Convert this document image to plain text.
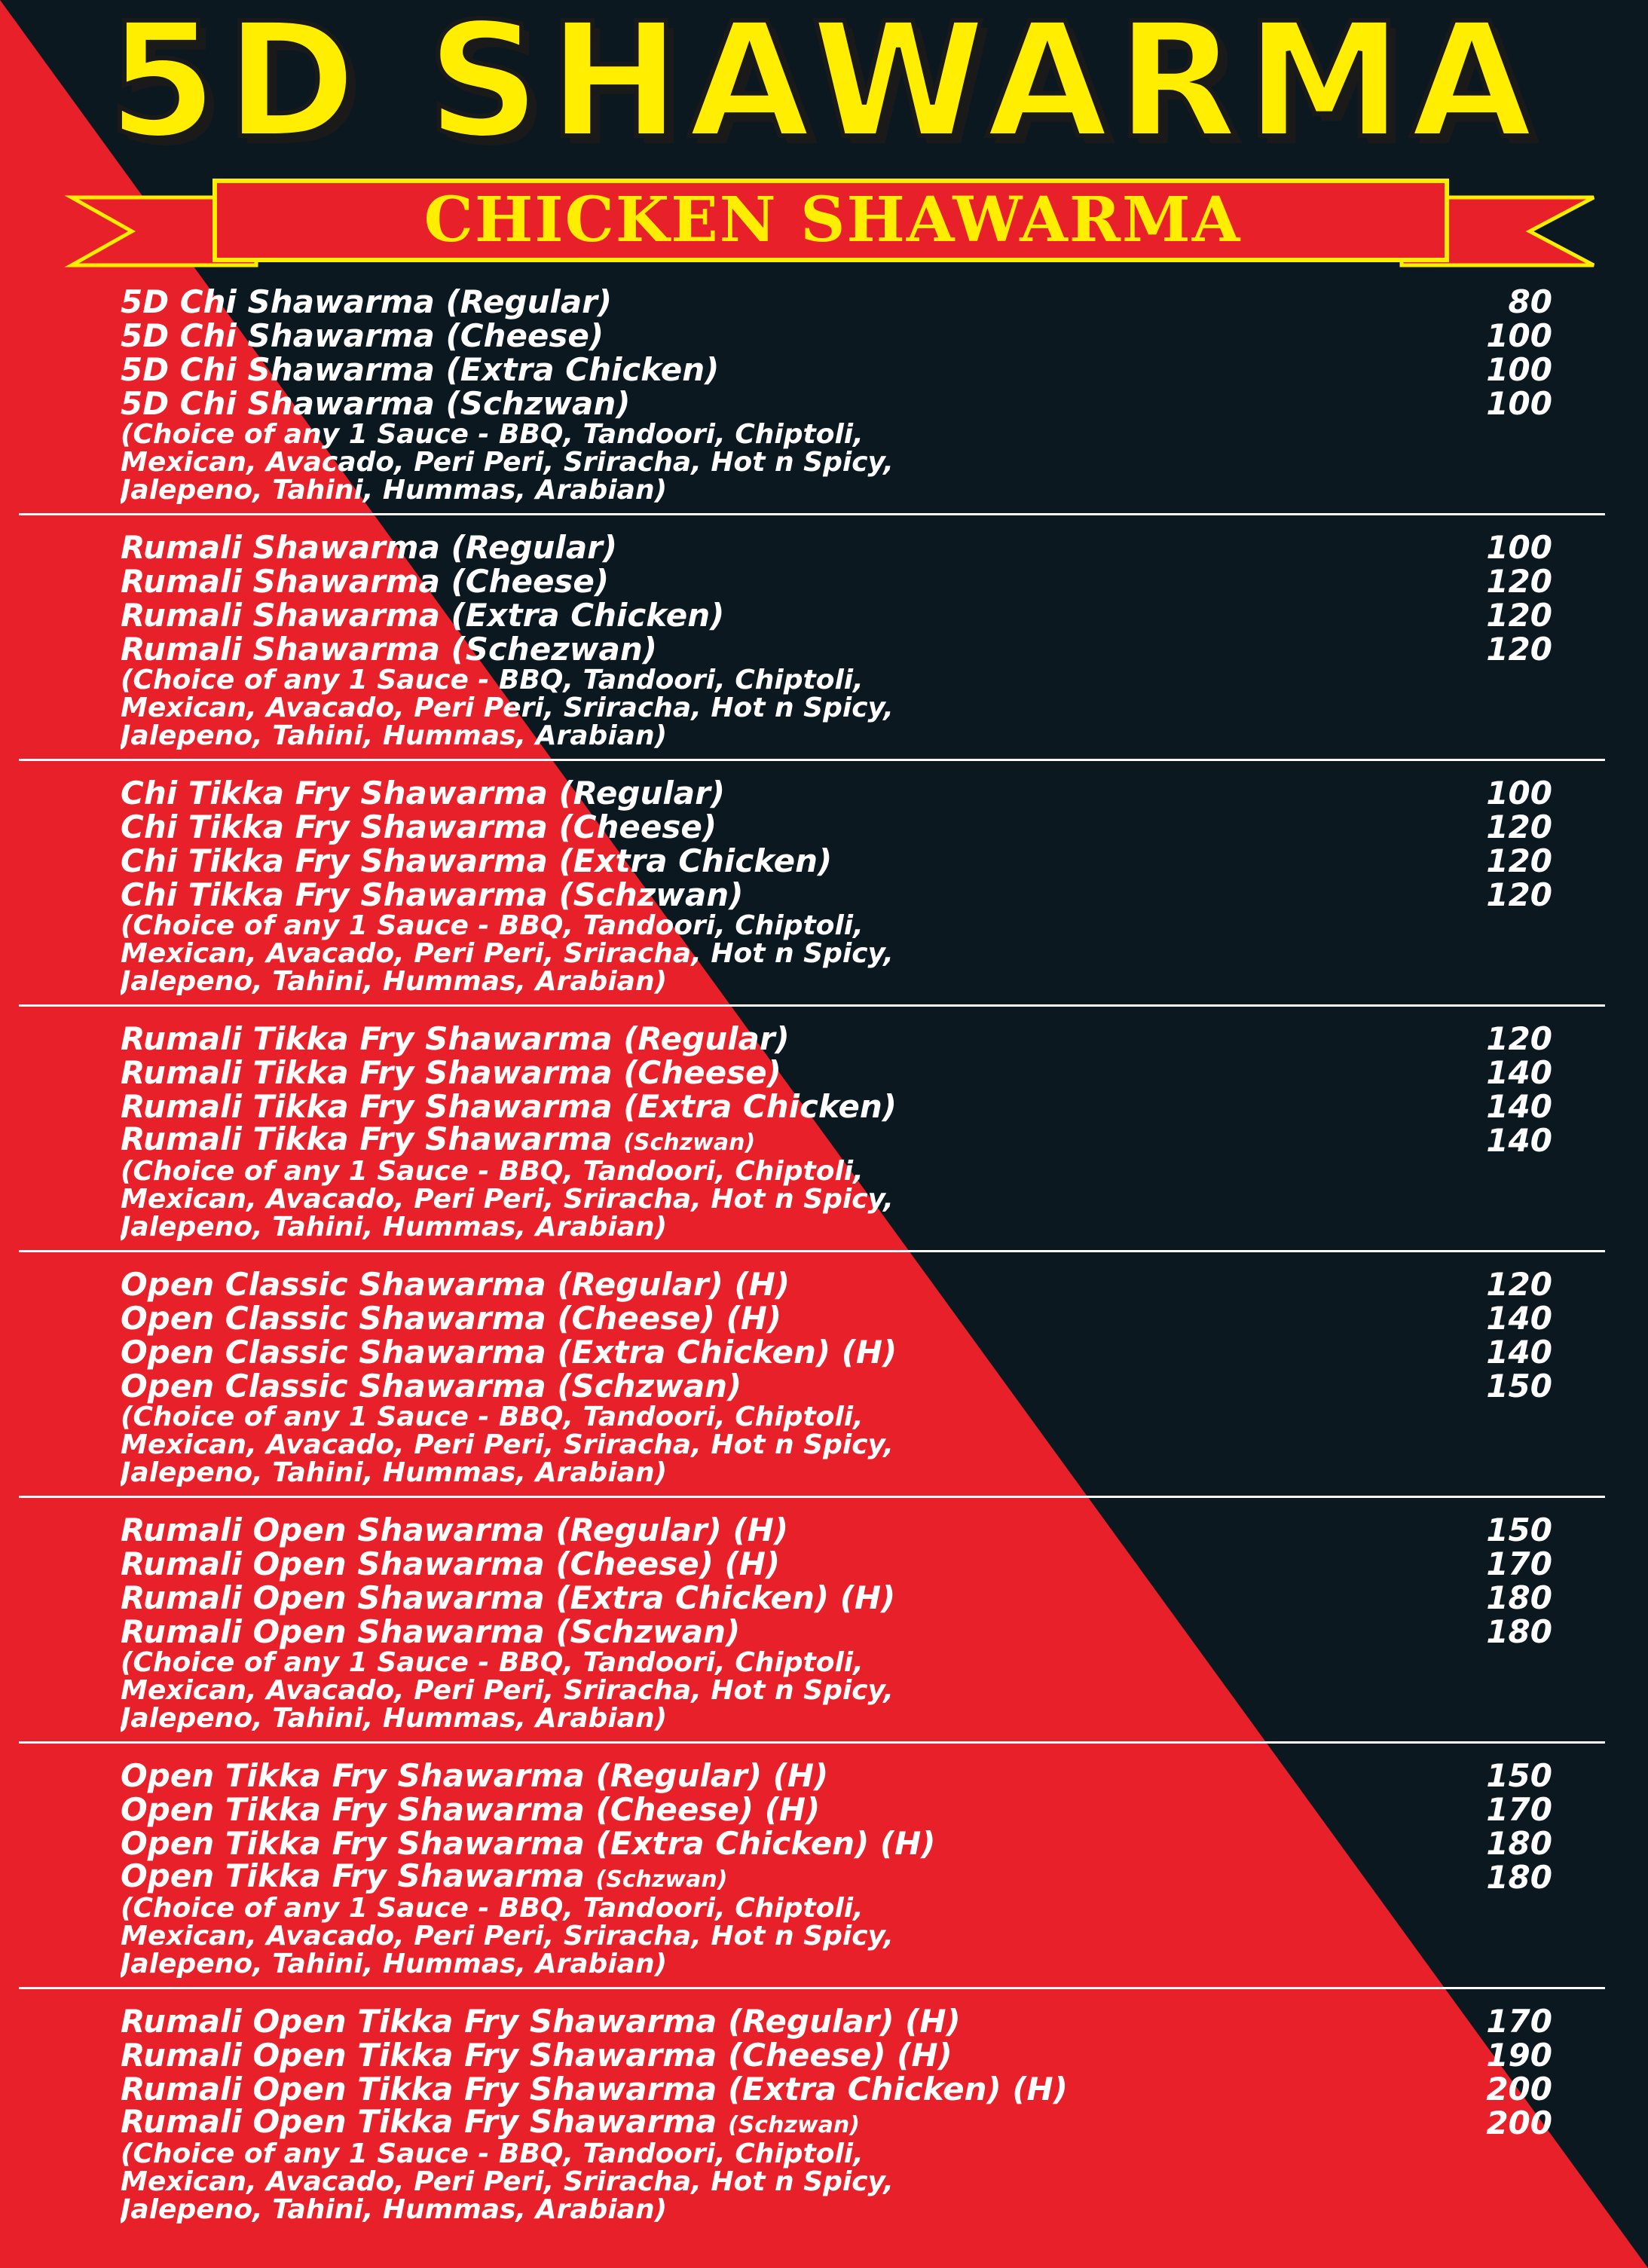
5D SHAWARMA
CHICKEN SHAWARMA
5D Chi Shawarma (Regular)	80
5D Chi Shawarma (Cheese)	100
5D Chi Shawarma (Extra Chicken)	100
5D Chi Shawarma (Schzwan)	100
(Choice of any 1 Sauce - BBQ, Tandoori, Chiptoli,
Mexican, Avacado, Peri Peri, Sriracha, Hot n Spicy,
Jalepeno, Tahini, Hummas, Arabian)
Rumali Shawarma (Regular)	100
Rumali Shawarma (Cheese)	120
Rumali Shawarma (Extra Chicken)	120
Rumali Shawarma (Schezwan)	120
(Choice of any 1 Sauce - BBQ, Tandoori, Chiptoli,
Mexican, Avacado, Peri Peri, Sriracha, Hot n Spicy,
Jalepeno, Tahini, Hummas, Arabian)
Chi Tikka Fry Shawarma (Regular)	100
Chi Tikka Fry Shawarma (Cheese)	120
Chi Tikka Fry Shawarma (Extra Chicken)	120
Chi Tikka Fry Shawarma (Schzwan)	120
(Choice of any 1 Sauce - BBQ, Tandoori, Chiptoli,
Mexican, Avacado, Peri Peri, Sriracha, Hot n Spicy,
Jalepeno, Tahini, Hummas, Arabian)
Rumali Tikka Fry Shawarma (Regular)	120
Rumali Tikka Fry Shawarma (Cheese)	140
Rumali Tikka Fry Shawarma (Extra Chicken)	140
Rumali Tikka Fry Shawarma (Schzwan)	140
(Choice of any 1 Sauce - BBQ, Tandoori, Chiptoli,
Mexican, Avacado, Peri Peri, Sriracha, Hot n Spicy,
Jalepeno, Tahini, Hummas, Arabian)
Open Classic Shawarma (Regular) (H)	120
Open Classic Shawarma (Cheese) (H)	140
Open Classic Shawarma (Extra Chicken) (H)	140
Open Classic Shawarma (Schzwan)	150
(Choice of any 1 Sauce - BBQ, Tandoori, Chiptoli,
Mexican, Avacado, Peri Peri, Sriracha, Hot n Spicy,
Jalepeno, Tahini, Hummas, Arabian)
Rumali Open Shawarma (Regular) (H)	150
Rumali Open Shawarma (Cheese) (H)	170
Rumali Open Shawarma (Extra Chicken) (H)	180
Rumali Open Shawarma (Schzwan)	180
(Choice of any 1 Sauce - BBQ, Tandoori, Chiptoli,
Mexican, Avacado, Peri Peri, Sriracha, Hot n Spicy,
Jalepeno, Tahini, Hummas, Arabian)
Open Tikka Fry Shawarma (Regular) (H)	150
Open Tikka Fry Shawarma (Cheese) (H)	170
Open Tikka Fry Shawarma (Extra Chicken) (H)	180
Open Tikka Fry Shawarma (Schzwan)	180
(Choice of any 1 Sauce - BBQ, Tandoori, Chiptoli,
Mexican, Avacado, Peri Peri, Sriracha, Hot n Spicy,
Jalepeno, Tahini, Hummas, Arabian)
Rumali Open Tikka Fry Shawarma (Regular) (H)	170
Rumali Open Tikka Fry Shawarma (Cheese) (H)	190
Rumali Open Tikka Fry Shawarma (Extra Chicken) (H)	200
Rumali Open Tikka Fry Shawarma (Schzwan)	200
(Choice of any 1 Sauce - BBQ, Tandoori, Chiptoli,
Mexican, Avacado, Peri Peri, Sriracha, Hot n Spicy,
Jalepeno, Tahini, Hummas, Arabian)
